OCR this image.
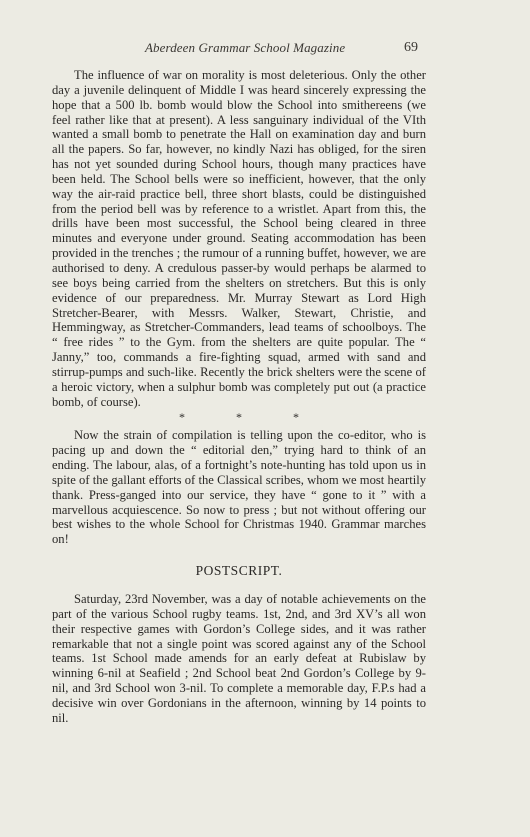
Aberdeen Grammar School Magazine	69

The influence of war on morality is most deleterious. Only the other day a juvenile delinquent of Middle I was heard sincerely expressing the hope that a 500 lb. bomb would blow the School into smithereens (we feel rather like that at present). A less sanguinary individual of the VIth wanted a small bomb to penetrate the Hall on examination day and burn all the papers. So far, however, no kindly Nazi has obliged, for the siren has not yet sounded during School hours, though many practices have been held. The School bells were so inefficient, however, that the only way the air-raid practice bell, three short blasts, could be distinguished from the period bell was by reference to a wristlet. Apart from this, the drills have been most successful, the School being cleared in three minutes and everyone under ground. Seating accommodation has been provided in the trenches ; the rumour of a running buffet, however, we are authorised to deny. A credulous passer-by would perhaps be alarmed to see boys being carried from the shelters on stretchers. But this is only evidence of our preparedness. Mr. Murray Stewart as Lord High Stretcher-Bearer, with Messrs. Walker, Stewart, Christie, and Hemmingway, as Stretcher-Commanders, lead teams of schoolboys. The “ free rides ” to the Gym. from the shelters are quite popular. The “ Janny,” too, commands a fire-fighting squad, armed with sand and stirrup-pumps and such-like. Recently the brick shelters were the scene of a heroic victory, when a sulphur bomb was completely put out (a practice bomb, of course).

* * *

Now the strain of compilation is telling upon the co-editor, who is pacing up and down the “ editorial den,” trying hard to think of an ending. The labour, alas, of a fortnight’s note-hunting has told upon us in spite of the gallant efforts of the Classical scribes, whom we most heartily thank. Press-ganged into our service, they have “ gone to it ” with a marvellous acquiescence. So now to press ; but not without offering our best wishes to the whole School for Christmas 1940. Grammar marches on!

POSTSCRIPT.

Saturday, 23rd November, was a day of notable achievements on the part of the various School rugby teams. 1st, 2nd, and 3rd XV’s all won their respective games with Gordon’s College sides, and it was rather remarkable that not a single point was scored against any of the School teams. 1st School made amends for an early defeat at Rubislaw by winning 6-nil at Seafield ; 2nd School beat 2nd Gordon’s College by 9-nil, and 3rd School won 3-nil. To complete a memorable day, F.P.s had a decisive win over Gordonians in the afternoon, winning by 14 points to nil.
